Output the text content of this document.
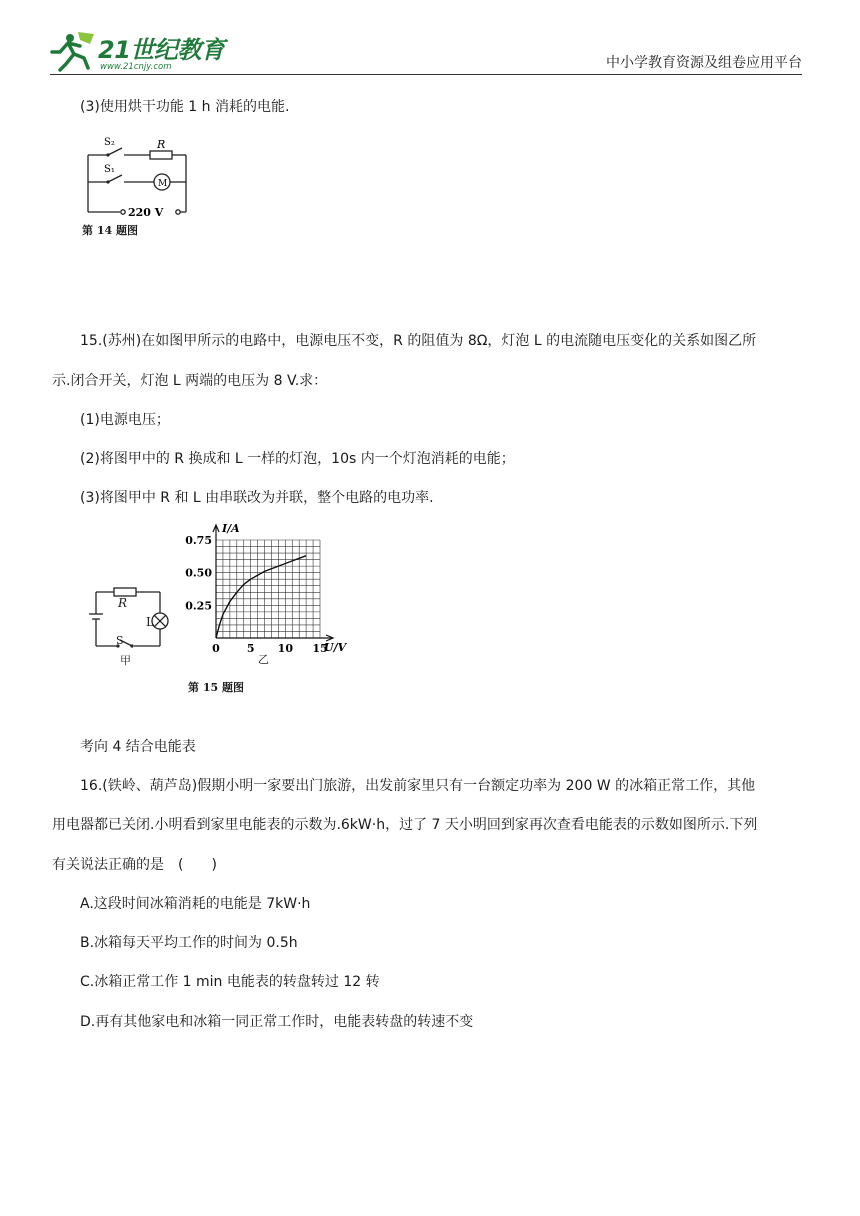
21世纪教育
www.21cnjy.com	中小学教育资源及组卷应用平台
(3)使用烘干功能 1 h 消耗的电能.
S₂
S₁
R
M
220 V
第 14 题图
15.(苏州)在如图甲所示的电路中，电源电压不变，R 的阻值为 8Ω，灯泡 L 的电流随电压变化的关系如图乙所
示.闭合开关，灯泡 L 两端的电压为 8 V.求：
(1)电源电压；
(2)将图甲中的 R 换成和 L 一样的灯泡，10s 内一个灯泡消耗的电能；
(3)将图甲中 R 和 L 由串联改为并联，整个电路的电功率.
R
L
S
甲
I/A
U/V
0.25
0.50
0.75
0 5 10 15
乙
第 15 题图
考向 4 结合电能表
16.(铁岭、葫芦岛)假期小明一家要出门旅游，出发前家里只有一台额定功率为 200 W 的冰箱正常工作，其他
用电器都已关闭.小明看到家里电能表的示数为.6kW·h，过了 7 天小明回到家再次查看电能表的示数如图所示.下列
有关说法正确的是　(　　)
A.这段时间冰箱消耗的电能是 7kW·h
B.冰箱每天平均工作的时间为 0.5h
C.冰箱正常工作 1 min 电能表的转盘转过 12 转
D.再有其他家电和冰箱一同正常工作时，电能表转盘的转速不变
